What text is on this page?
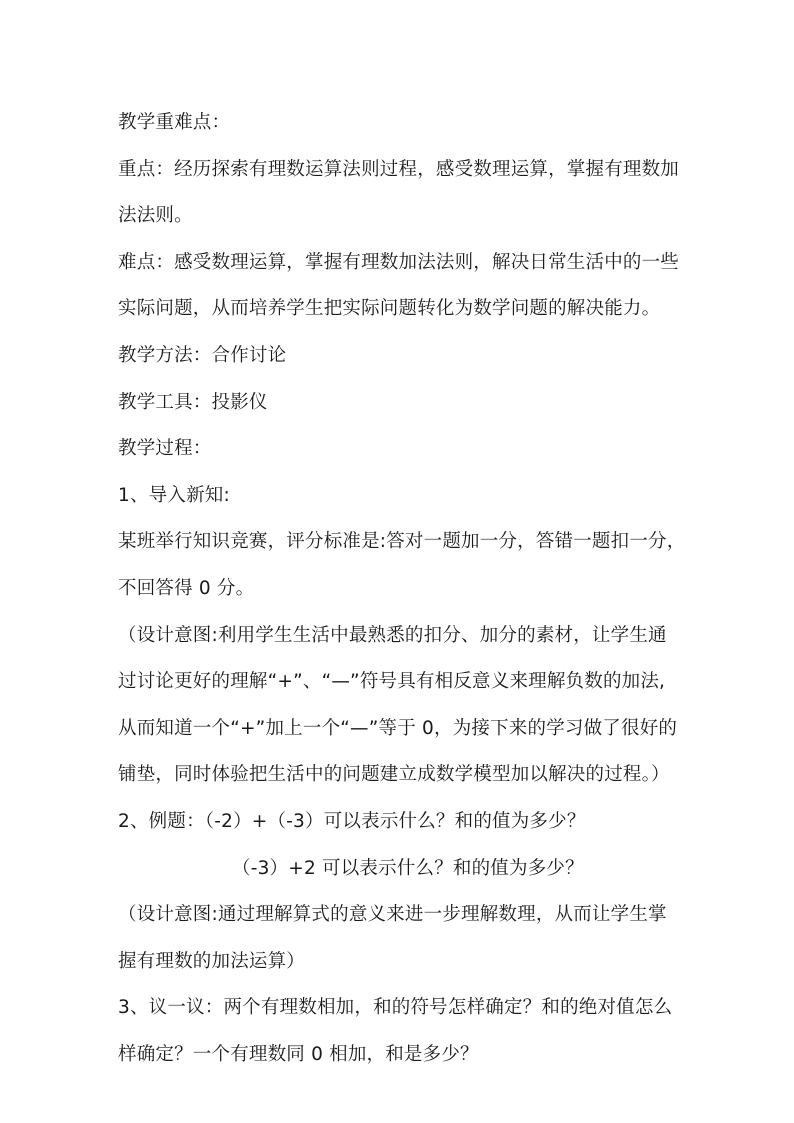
教学重难点：
重点：经历探索有理数运算法则过程，感受数理运算，掌握有理数加
法法则。
难点：感受数理运算，掌握有理数加法法则，解决日常生活中的一些
实际问题，从而培养学生把实际问题转化为数学问题的解决能力。
教学方法：合作讨论
教学工具：投影仪
教学过程：
1、导入新知:
某班举行知识竞赛，评分标准是:答对一题加一分，答错一题扣一分，
不回答得 0 分。
（设计意图:利用学生生活中最熟悉的扣分、加分的素材，让学生通
过讨论更好的理解“+”、“—”符号具有相反意义来理解负数的加法,
从而知道一个“+”加上一个“—”等于 0，为接下来的学习做了很好的
铺垫，同时体验把生活中的问题建立成数学模型加以解决的过程。）
2、例题：（-2）+（-3）可以表示什么？和的值为多少？
（-3）+2 可以表示什么？和的值为多少？
（设计意图:通过理解算式的意义来进一步理解数理，从而让学生掌
握有理数的加法运算）
3、议一议：两个有理数相加，和的符号怎样确定？和的绝对值怎么
样确定？一个有理数同 0 相加，和是多少？
